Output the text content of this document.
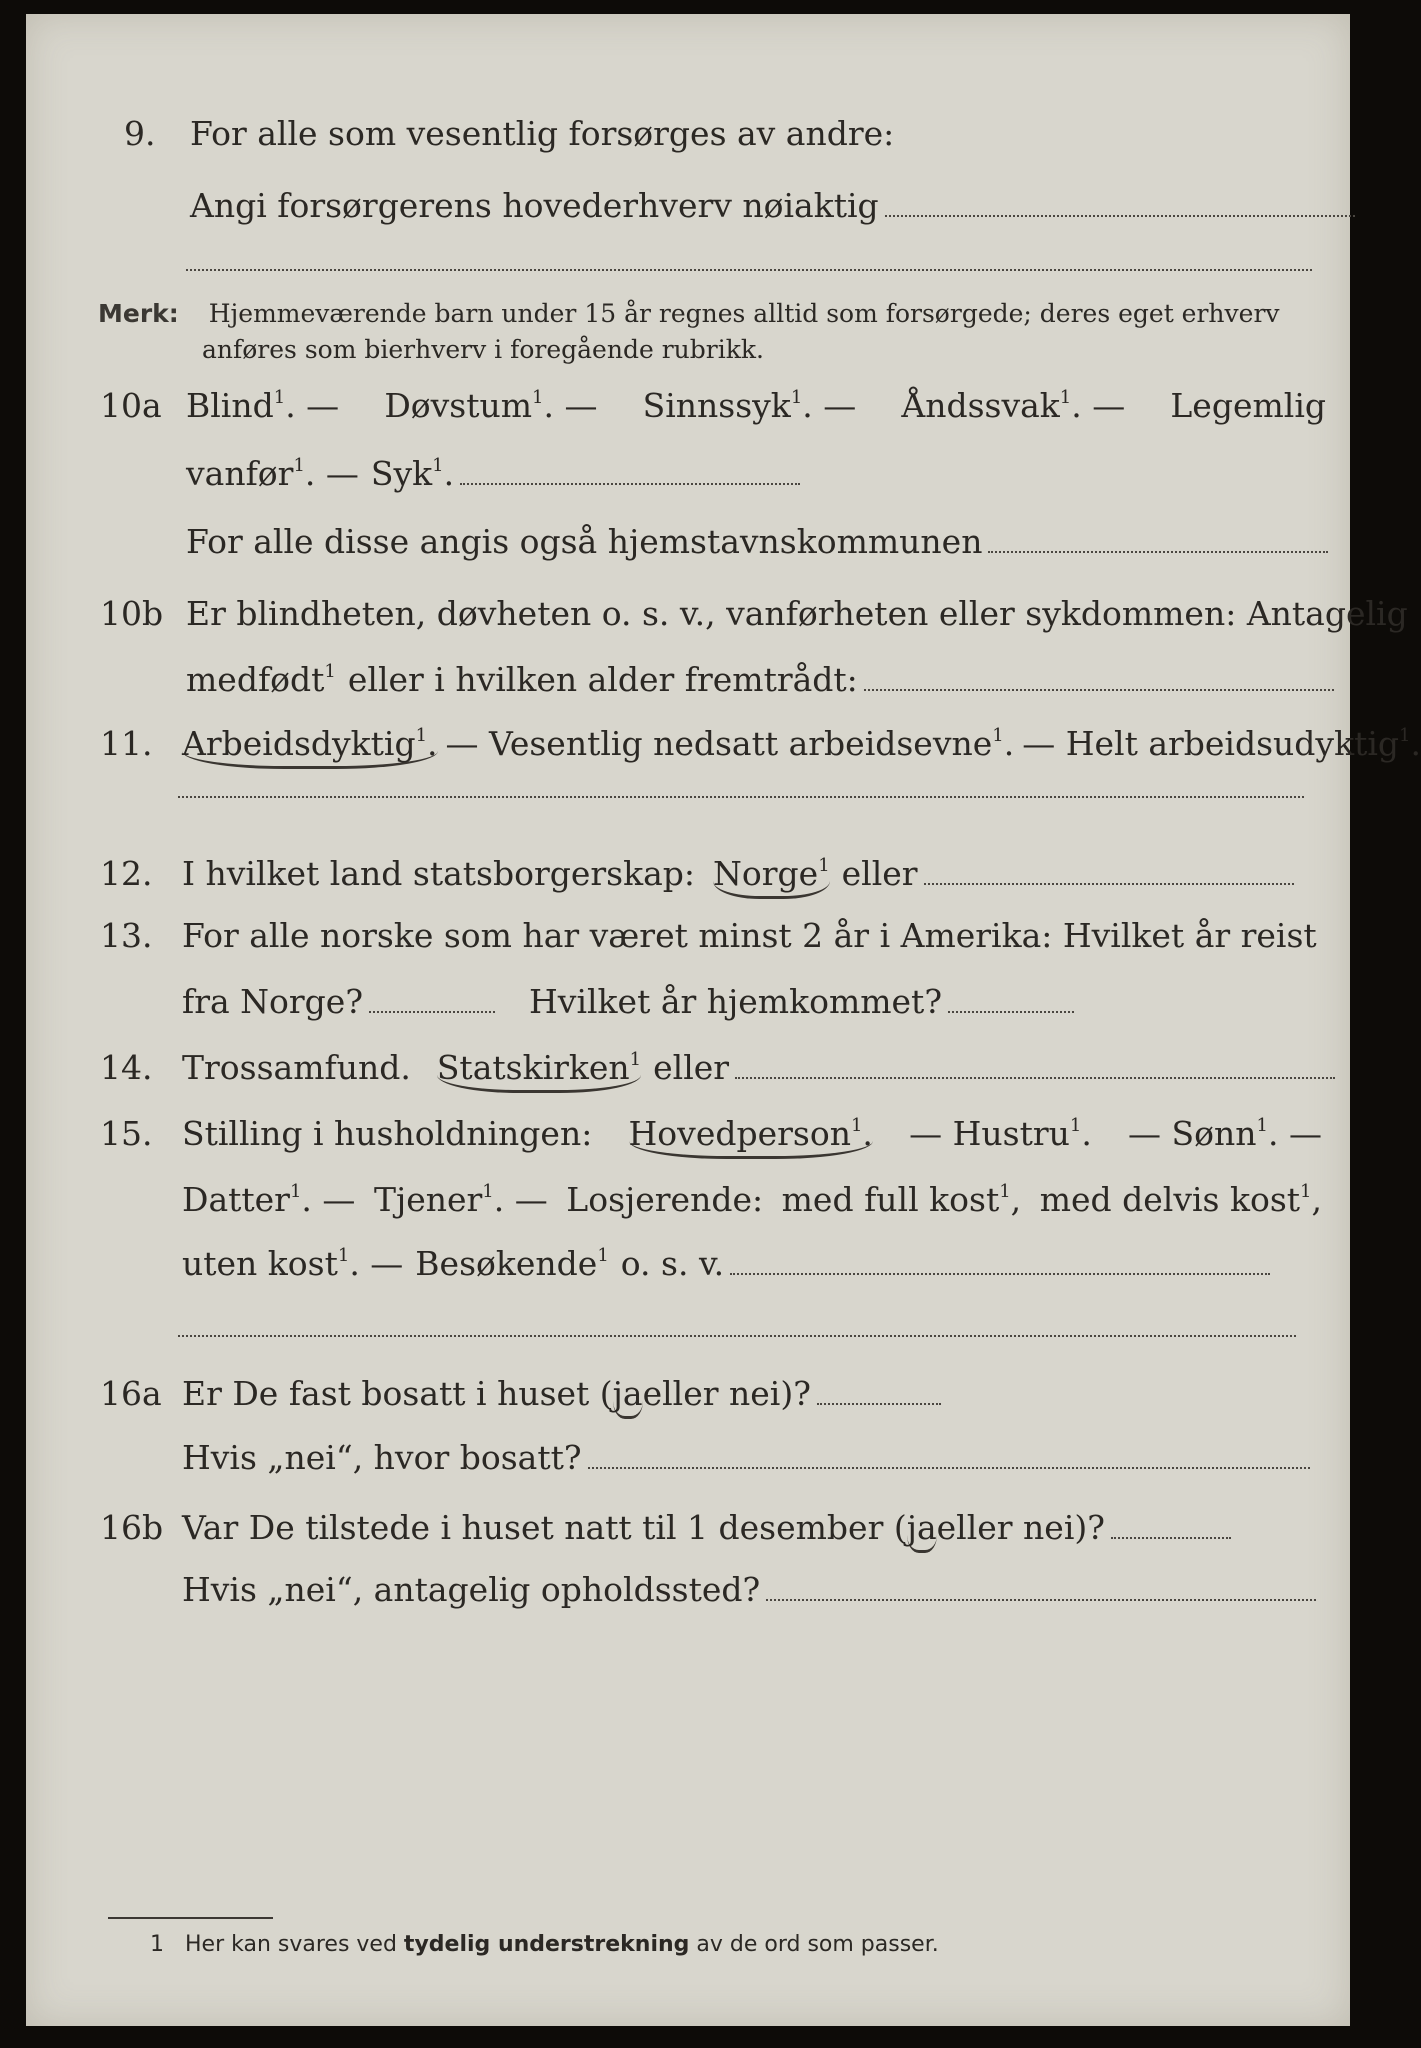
9.	For alle som vesentlig forsørges av andre:
Angi forsørgerens hovederhverv nøiaktig
Merk: Hjemmeværende barn under 15 år regnes alltid som forsørgede; deres eget erhverv
anføres som bierhverv i foregående rubrikk.
10a Blind$^1$. — Døvstum$^1$. — Sinnssyk$^1$. — Åndssvak$^1$. — Legemlig
vanfør$^1$. — Syk$^1$.
For alle disse angis også hjemstavnskommunen
10b Er blindheten, døvheten o. s. v., vanførheten eller sykdommen: Antagelig
medfødt$^1$ eller i hvilken alder fremtrådt:
11. Arbeidsdyktig$^1$. — Vesentlig nedsatt arbeidsevne$^1$. — Helt arbeidsudyktig$^1$.
12. I hvilket land statsborgerskap: Norge$^1$ eller
13. For alle norske som har været minst 2 år i Amerika: Hvilket år reist
fra Norge?	Hvilket år hjemkommet?
14. Trossamfund. Statskirken$^1$ eller
15. Stilling i husholdningen: Hovedperson$^1$. — Hustru$^1$. — Sønn$^1$. —
Datter$^1$. — Tjener$^1$. — Losjerende: med full kost$^1$, med delvis kost$^1$,
uten kost$^1$. — Besøkende$^1$ o. s. v.
16a Er De fast bosatt i huset ( ja eller nei)?
Hvis „nei“, hvor bosatt?
16b Var De tilstede i huset natt til 1 desember ( ja eller nei)?
Hvis „nei“, antagelig opholdssted?
1 Her kan svares ved tydelig understrekning av de ord som passer.
